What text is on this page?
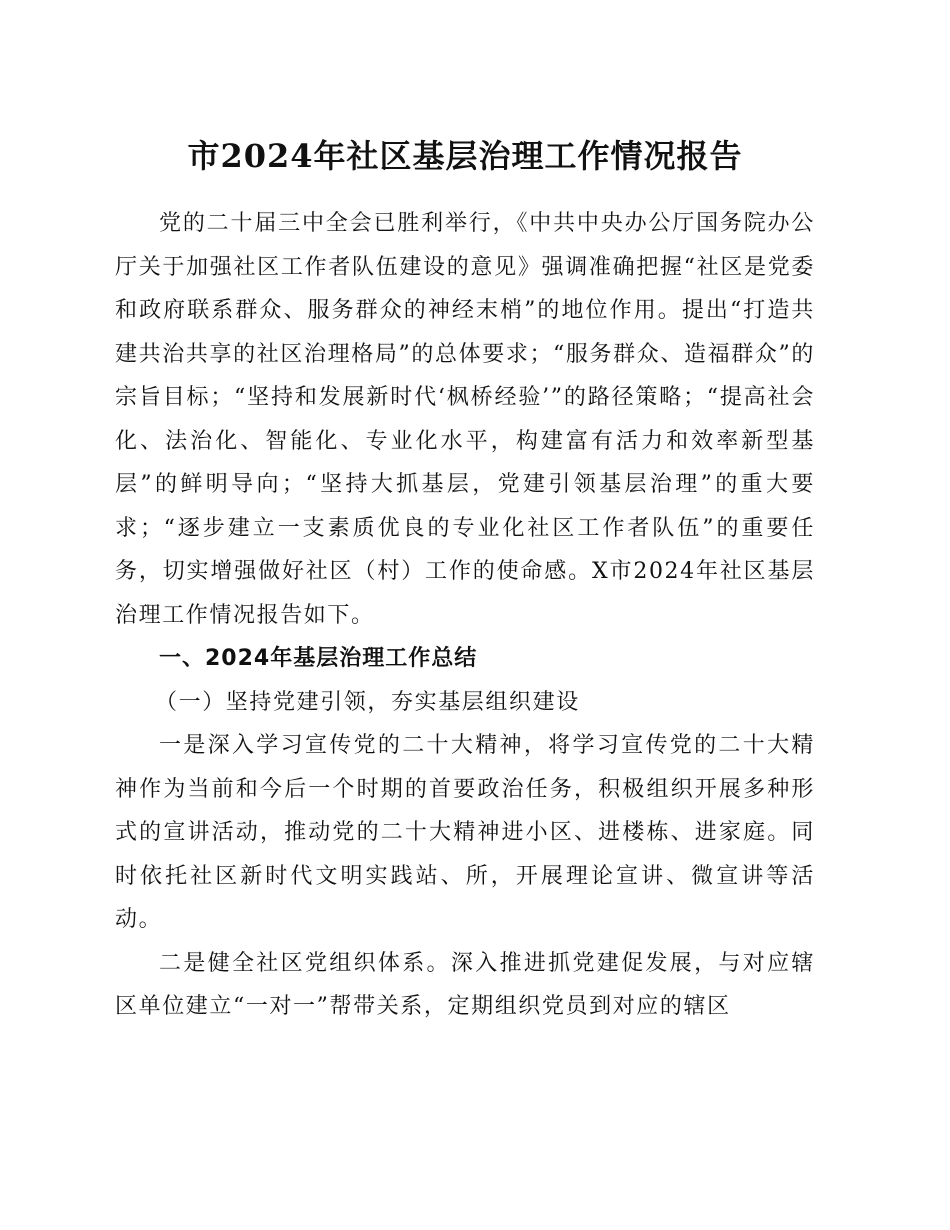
市2024年社区基层治理工作情况报告

党的二十届三中全会已胜利举行，《中共中央办公厅国务院办公厅关于加强社区工作者队伍建设的意见》强调准确把握“社区是党委和政府联系群众、服务群众的神经末梢”的地位作用。提出“打造共建共治共享的社区治理格局”的总体要求；“服务群众、造福群众”的宗旨目标；“坚持和发展新时代‘枫桥经验’”的路径策略；“提高社会化、法治化、智能化、专业化水平，构建富有活力和效率新型基层”的鲜明导向；“坚持大抓基层，党建引领基层治理”的重大要求；“逐步建立一支素质优良的专业化社区工作者队伍”的重要任务，切实增强做好社区（村）工作的使命感。X市2024年社区基层治理工作情况报告如下。

一、2024年基层治理工作总结

（一）坚持党建引领，夯实基层组织建设

一是深入学习宣传党的二十大精神，将学习宣传党的二十大精神作为当前和今后一个时期的首要政治任务，积极组织开展多种形式的宣讲活动，推动党的二十大精神进小区、进楼栋、进家庭。同时依托社区新时代文明实践站、所，开展理论宣讲、微宣讲等活动。

二是健全社区党组织体系。深入推进抓党建促发展，与对应辖区单位建立“一对一”帮带关系，定期组织党员到对应的辖区
